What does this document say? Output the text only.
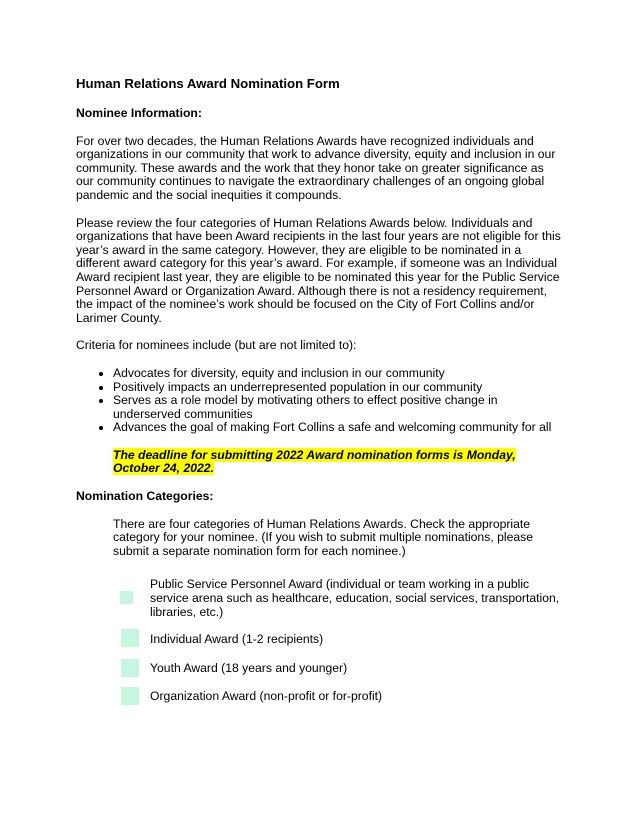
Human Relations Award Nomination Form
Nominee Information:

For over two decades, the Human Relations Awards have recognized individuals and organizations in our community that work to advance diversity, equity and inclusion in our community. These awards and the work that they honor take on greater significance as our community continues to navigate the extraordinary challenges of an ongoing global pandemic and the social inequities it compounds.

Please review the four categories of Human Relations Awards below. Individuals and organizations that have been Award recipients in the last four years are not eligible for this year’s award in the same category. However, they are eligible to be nominated in a different award category for this year’s award. For example, if someone was an Individual Award recipient last year, they are eligible to be nominated this year for the Public Service Personnel Award or Organization Award. Although there is not a residency requirement, the impact of the nominee’s work should be focused on the City of Fort Collins and/or Larimer County.

Criteria for nominees include (but are not limited to):

• Advocates for diversity, equity and inclusion in our community
• Positively impacts an underrepresented population in our community
• Serves as a role model by motivating others to effect positive change in underserved communities
• Advances the goal of making Fort Collins a safe and welcoming community for all
The deadline for submitting 2022 Award nomination forms is Monday, October 24, 2022.
Nomination Categories:
There are four categories of Human Relations Awards. Check the appropriate category for your nominee. (If you wish to submit multiple nominations, please submit a separate nomination form for each nominee.)
Public Service Personnel Award (individual or team working in a public service arena such as healthcare, education, social services, transportation, libraries, etc.)
Individual Award (1-2 recipients)
Youth Award (18 years and younger)
Organization Award (non-profit or for-profit)
